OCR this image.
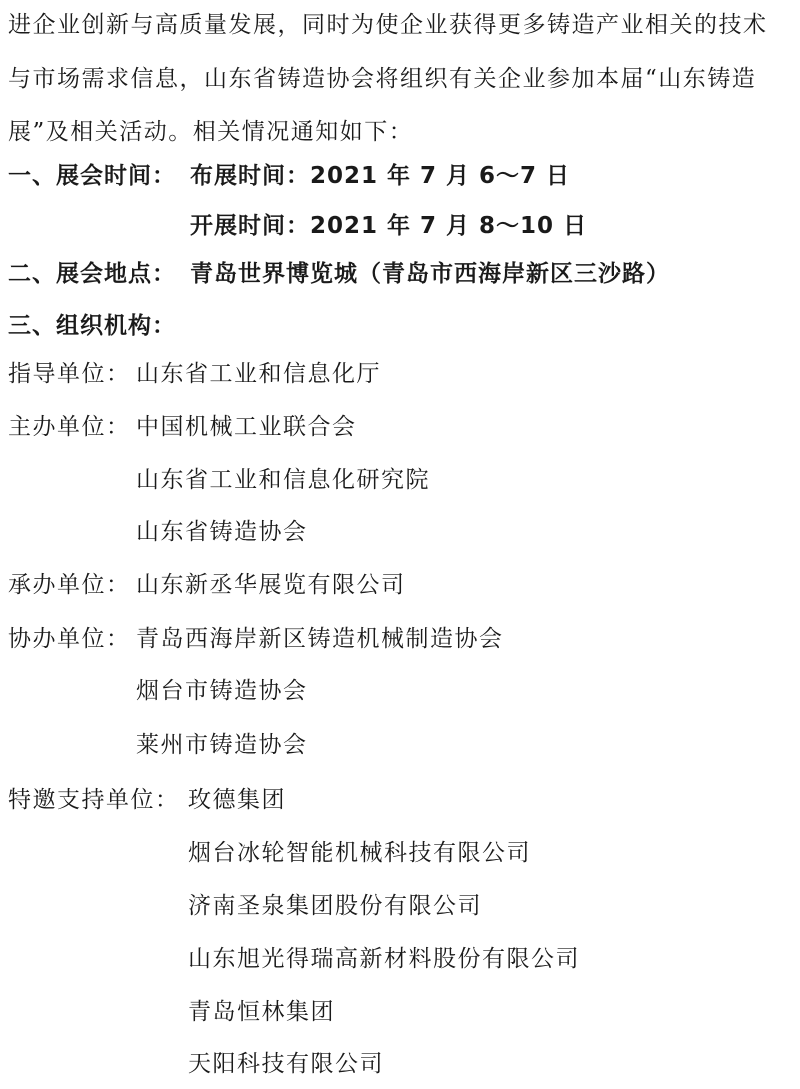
进企业创新与高质量发展，同时为使企业获得更多铸造产业相关的技术
与市场需求信息，山东省铸造协会将组织有关企业参加本届“山东铸造
展”及相关活动。相关情况通知如下：
一、展会时间： 布展时间：2021 年 7 月 6～7 日
开展时间：2021 年 7 月 8～10 日
二、展会地点： 青岛世界博览城（青岛市西海岸新区三沙路）
三、组织机构：
指导单位： 山东省工业和信息化厅
主办单位： 中国机械工业联合会
山东省工业和信息化研究院
山东省铸造协会
承办单位： 山东新丞华展览有限公司
协办单位： 青岛西海岸新区铸造机械制造协会
烟台市铸造协会
莱州市铸造协会
特邀支持单位： 玫德集团
烟台冰轮智能机械科技有限公司
济南圣泉集团股份有限公司
山东旭光得瑞高新材料股份有限公司
青岛恒林集团
天阳科技有限公司
